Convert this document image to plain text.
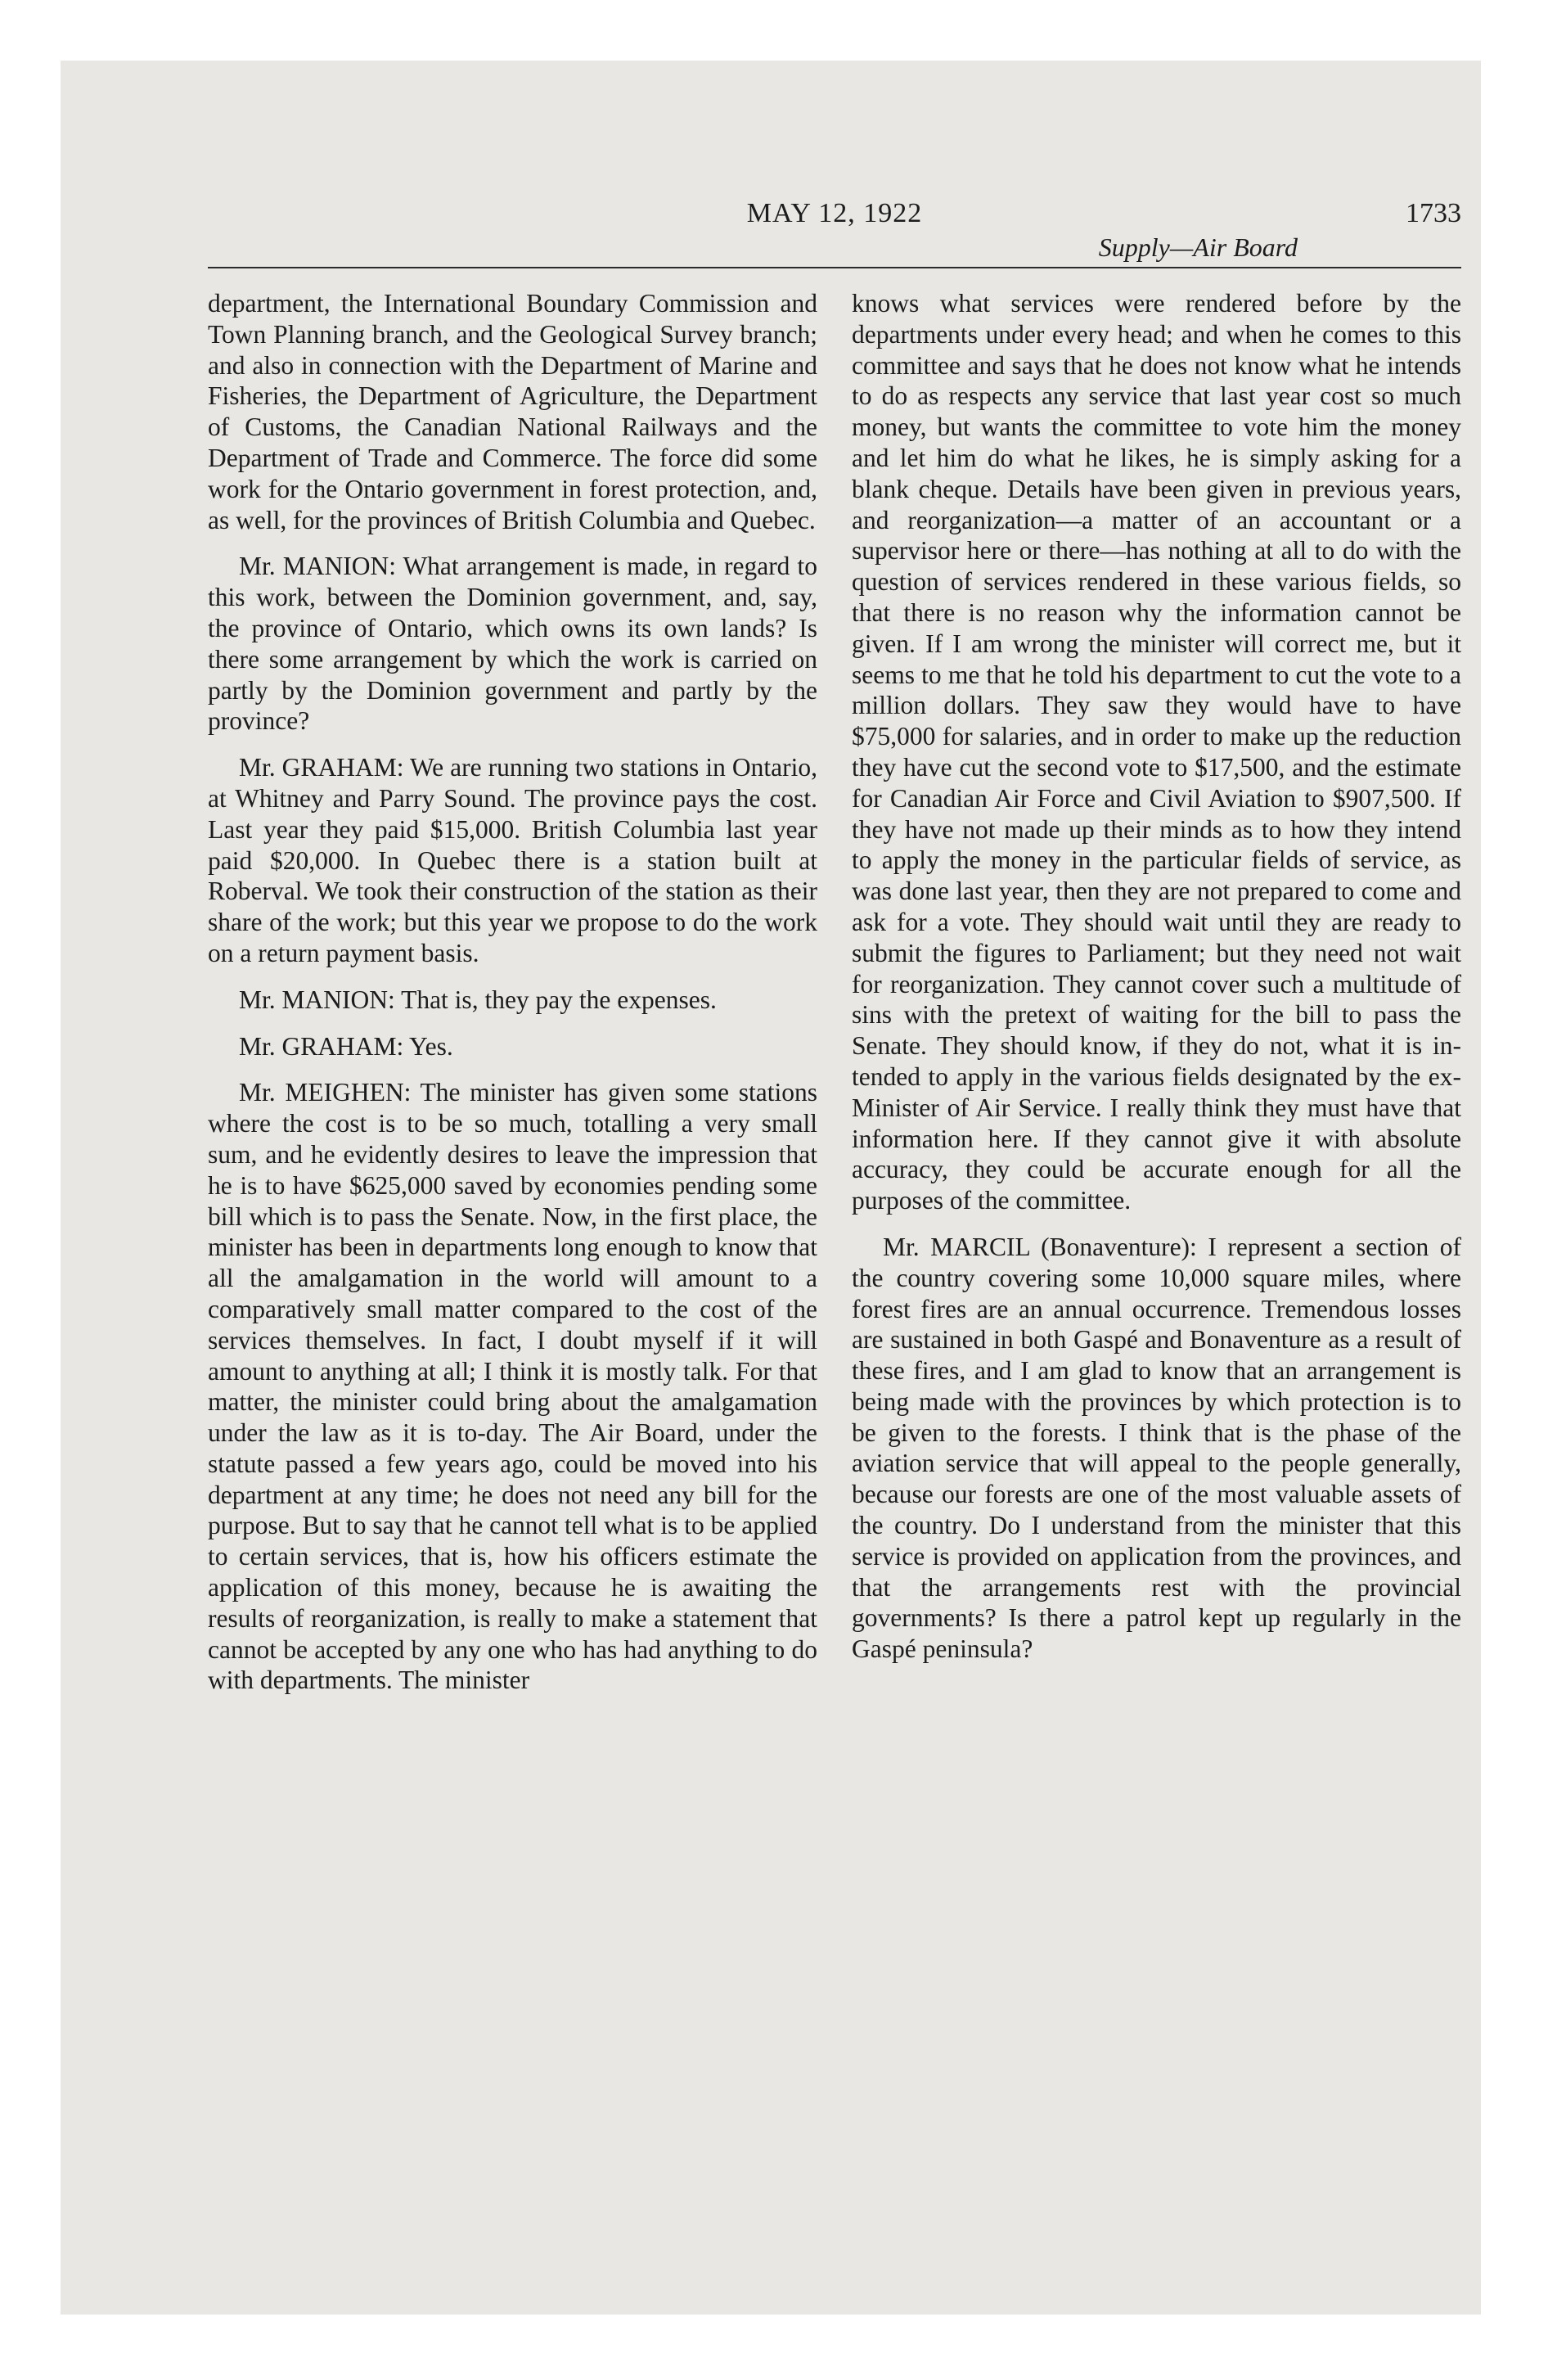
MAY 12, 1922
Supply—Air Board
1733

department, the International Boundary Commission and Town Planning branch, and the Geological Survey branch; and also in connection with the Department of Marine and Fisheries, the Department of Agriculture, the Department of Customs, the Canadian National Railways and the Department of Trade and Commerce. The force did some work for the Ontario government in forest protection, and, as well, for the provinces of British Columbia and Quebec.

Mr. MANION: What arrangement is made, in regard to this work, between the Dominion government, and, say, the province of Ontario, which owns its own lands? Is there some arrangement by which the work is carried on partly by the Dominion government and partly by the province?

Mr. GRAHAM: We are running two stations in Ontario, at Whitney and Parry Sound. The province pays the cost. Last year they paid $15,000. British Columbia last year paid $20,000. In Quebec there is a station built at Roberval. We took their construction of the station as their share of the work; but this year we propose to do the work on a return payment basis.

Mr. MANION: That is, they pay the expenses.

Mr. GRAHAM: Yes.

Mr. MEIGHEN: The minister has given some stations where the cost is to be so much, totalling a very small sum, and he evidently desires to leave the impression that he is to have $625,000 saved by economies pending some bill which is to pass the Senate. Now, in the first place, the minister has been in departments long enough to know that all the amalgamation in the world will amount to a comparatively small matter compared to the cost of the services themselves. In fact, I doubt myself if it will amount to anything at all; I think it is mostly talk. For that matter, the minister could bring about the amalgamation under the law as it is to-day. The Air Board, under the statute passed a few years ago, could be moved into his department at any time; he does not need any bill for the purpose. But to say that he cannot tell what is to be applied to certain services, that is, how his officers estimate the application of this money, because he is awaiting the results of reorganization, is really to make a statement that cannot be accepted by any one who has had anything to do with departments. The minister

knows what services were rendered before by the departments under every head; and when he comes to this committee and says that he does not know what he intends to do as respects any service that last year cost so much money, but wants the committee to vote him the money and let him do what he likes, he is simply asking for a blank cheque. Details have been given in previous years, and reorganization—a matter of an accountant or a supervisor here or there—has nothing at all to do with the question of services rendered in these various fields, so that there is no reason why the information cannot be given. If I am wrong the minister will correct me, but it seems to me that he told his department to cut the vote to a million dollars. They saw they would have to have $75,000 for salaries, and in order to make up the reduction they have cut the second vote to $17,500, and the estimate for Canadian Air Force and Civil Aviation to $907,500. If they have not made up their minds as to how they intend to apply the money in the particular fields of service, as was done last year, then they are not prepared to come and ask for a vote. They should wait until they are ready to submit the figures to Parliament; but they need not wait for reorganization. They cannot cover such a multitude of sins with the pretext of waiting for the bill to pass the Senate. They should know, if they do not, what it is intended to apply in the various fields designated by the ex-Minister of Air Service. I really think they must have that information here. If they cannot give it with absolute accuracy, they could be accurate enough for all the purposes of the committee.

Mr. MARCIL (Bonaventure): I represent a section of the country covering some 10,000 square miles, where forest fires are an annual occurrence. Tremendous losses are sustained in both Gaspé and Bonaventure as a result of these fires, and I am glad to know that an arrangement is being made with the provinces by which protection is to be given to the forests. I think that is the phase of the aviation service that will appeal to the people generally, because our forests are one of the most valuable assets of the country. Do I understand from the minister that this service is provided on application from the provinces, and that the arrangements rest with the provincial governments? Is there a patrol kept up regularly in the Gaspé peninsula?
